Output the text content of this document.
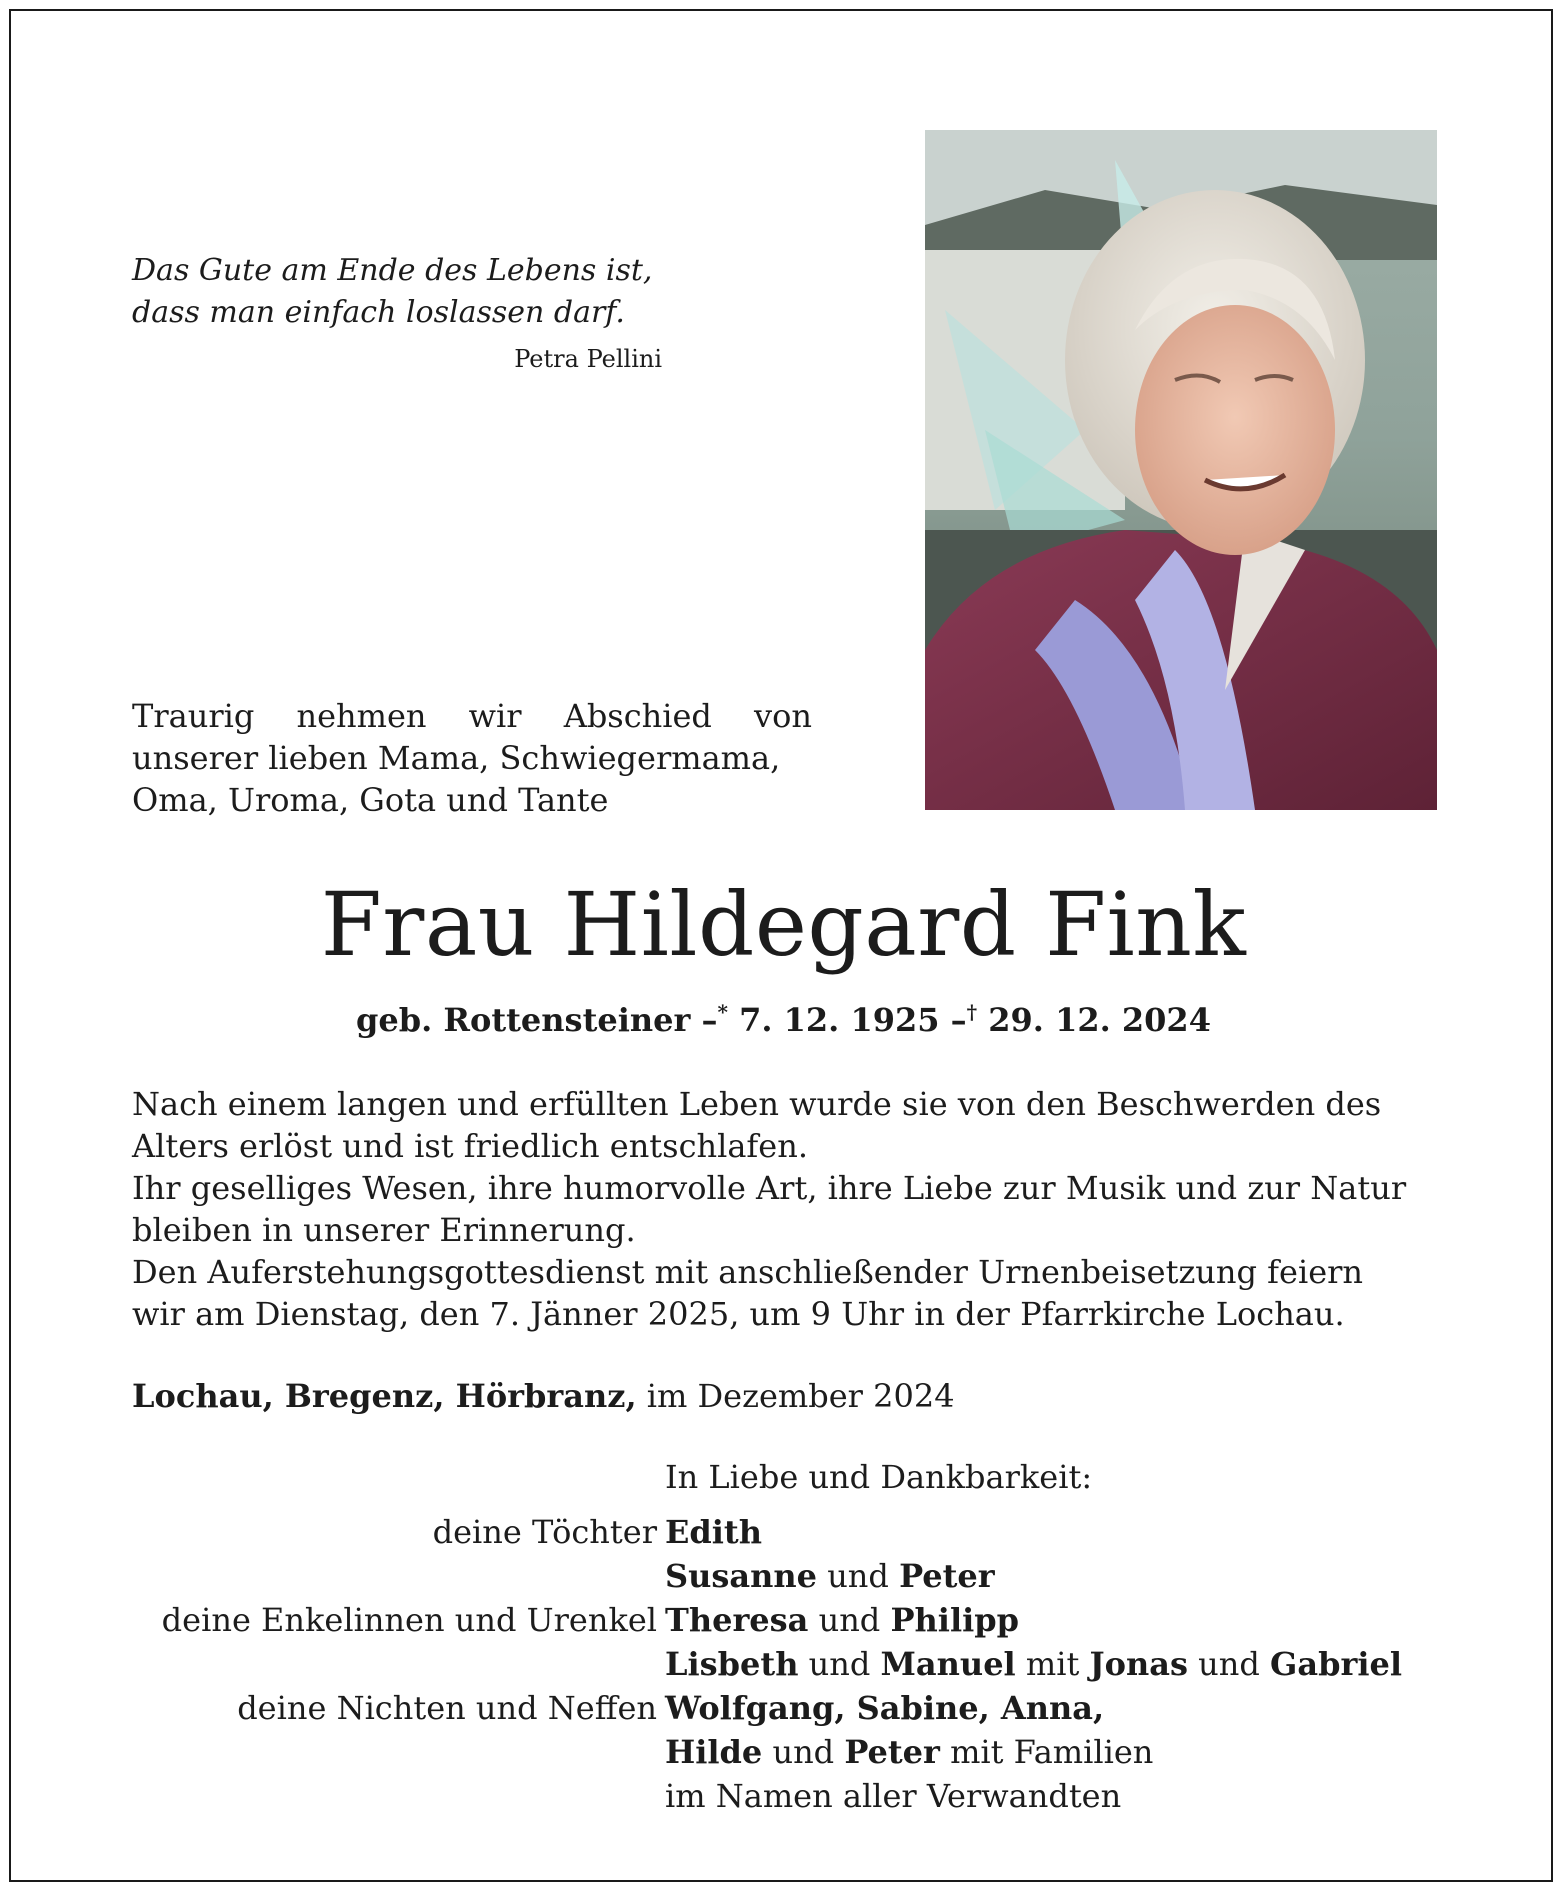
Das Gute am Ende des Lebens ist,
dass man einfach loslassen darf.
Petra Pellini
Traurig nehmen wir Abschied von
unserer lieben Mama, Schwiegermama,
Oma, Uroma, Gota und Tante
Frau Hildegard Fink
geb. Rottensteiner –* 7. 12. 1925 –† 29. 12. 2024
Nach einem langen und erfüllten Leben wurde sie von den Beschwerden des
Alters erlöst und ist friedlich entschlafen.
Ihr geselliges Wesen, ihre humorvolle Art, ihre Liebe zur Musik und zur Natur
bleiben in unserer Erinnerung.
Den Auferstehungsgottesdienst mit anschließender Urnenbeisetzung feiern
wir am Dienstag, den 7. Jänner 2025, um 9 Uhr in der Pfarrkirche Lochau.
Lochau, Bregenz, Hörbranz, im Dezember 2024
In Liebe und Dankbarkeit:
deine Töchter Edith
Susanne und Peter
deine Enkelinnen und Urenkel Theresa und Philipp
Lisbeth und Manuel mit Jonas und Gabriel
deine Nichten und Neffen Wolfgang, Sabine, Anna,
Hilde und Peter mit Familien
im Namen aller Verwandten
